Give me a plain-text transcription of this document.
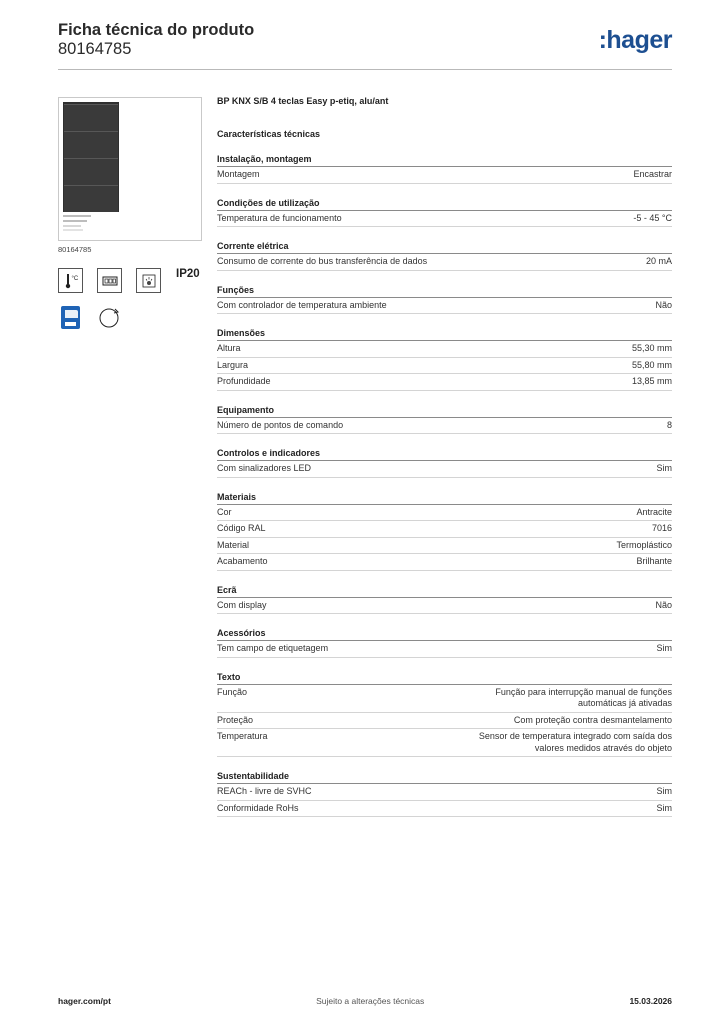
Ficha técnica do produto
80164785	:hager
80164785
°C	IP20
BP KNX S/B 4 teclas Easy p-etiq, alu/ant
Características técnicas
Instalação, montagem
Montagem	Encastrar
Condições de utilização
Temperatura de funcionamento	-5 - 45 °C
Corrente elétrica
Consumo de corrente do bus transferência de dados	20 mA
Funções
Com controlador de temperatura ambiente	Não
Dimensões
Altura	55,30 mm
Largura	55,80 mm
Profundidade	13,85 mm
Equipamento
Número de pontos de comando	8
Controlos e indicadores
Com sinalizadores LED	Sim
Materiais
Cor	Antracite
Código RAL	7016
Material	Termoplástico
Acabamento	Brilhante
Ecrã
Com display	Não
Acessórios
Tem campo de etiquetagem	Sim
Texto
Função	Função para interrupção manual de funções automáticas já ativadas
Proteção	Com proteção contra desmantelamento
Temperatura	Sensor de temperatura integrado com saída dos valores medidos através do objeto
Sustentabilidade
REACh - livre de SVHC	Sim
Conformidade RoHs	Sim
hager.com/pt	Sujeito a alterações técnicas	15.03.2026
